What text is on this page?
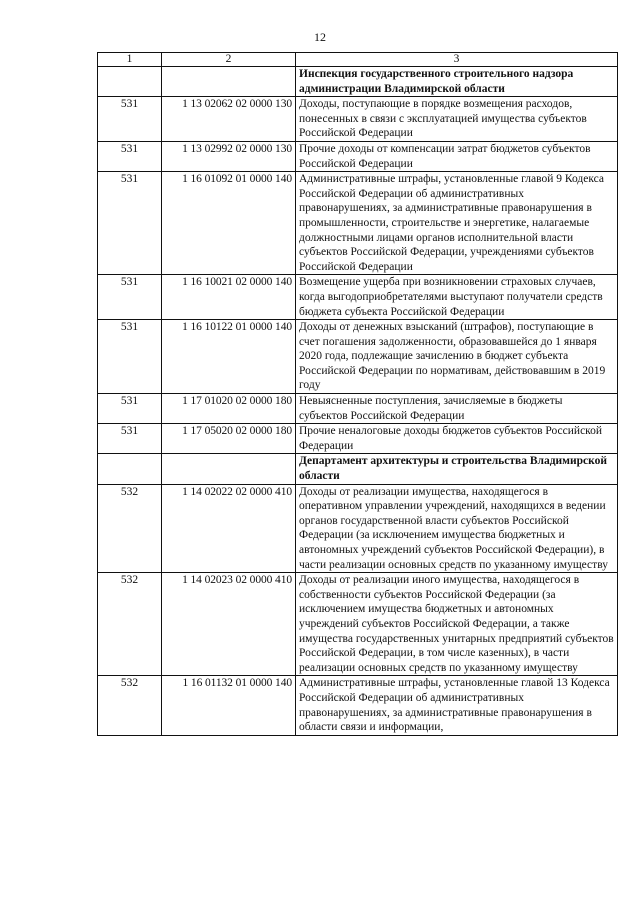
12
1	2	3
		Инспекция государственного строительного надзора администрации Владимирской области
531	1 13 02062 02 0000 130	Доходы, поступающие в порядке возмещения расходов, понесенных в связи с эксплуатацией имущества субъектов Российской Федерации
531	1 13 02992 02 0000 130	Прочие доходы от компенсации затрат бюджетов субъектов Российской Федерации
531	1 16 01092 01 0000 140	Административные штрафы, установленные главой 9 Кодекса Российской Федерации об административных правонарушениях, за административные правонарушения в промышленности, строительстве и энергетике, налагаемые должностными лицами органов исполнительной власти субъектов Российской Федерации, учреждениями субъектов Российской Федерации
531	1 16 10021 02 0000 140	Возмещение ущерба при возникновении страховых случаев, когда выгодоприобретателями выступают получатели средств бюджета субъекта Российской Федерации
531	1 16 10122 01 0000 140	Доходы от денежных взысканий (штрафов), поступающие в счет погашения задолженности, образовавшейся до 1 января 2020 года, подлежащие зачислению в бюджет субъекта Российской Федерации по нормативам, действовавшим в 2019 году
531	1 17 01020 02 0000 180	Невыясненные поступления, зачисляемые в бюджеты субъектов Российской Федерации
531	1 17 05020 02 0000 180	Прочие неналоговые доходы бюджетов субъектов Российской Федерации
		Департамент архитектуры и строительства Владимирской области
532	1 14 02022 02 0000 410	Доходы от реализации имущества, находящегося в оперативном управлении учреждений, находящихся в ведении органов государственной власти субъектов Российской Федерации (за исключением имущества бюджетных и автономных учреждений субъектов Российской Федерации), в части реализации основных средств по указанному имуществу
532	1 14 02023 02 0000 410	Доходы от реализации иного имущества, находящегося в собственности субъектов Российской Федерации (за исключением имущества бюджетных и автономных учреждений субъектов Российской Федерации, а также имущества государственных унитарных предприятий субъектов Российской Федерации, в том числе казенных), в части реализации основных средств по указанному имуществу
532	1 16 01132 01 0000 140	Административные штрафы, установленные главой 13 Кодекса Российской Федерации об административных правонарушениях, за административные правонарушения в области связи и информации,
